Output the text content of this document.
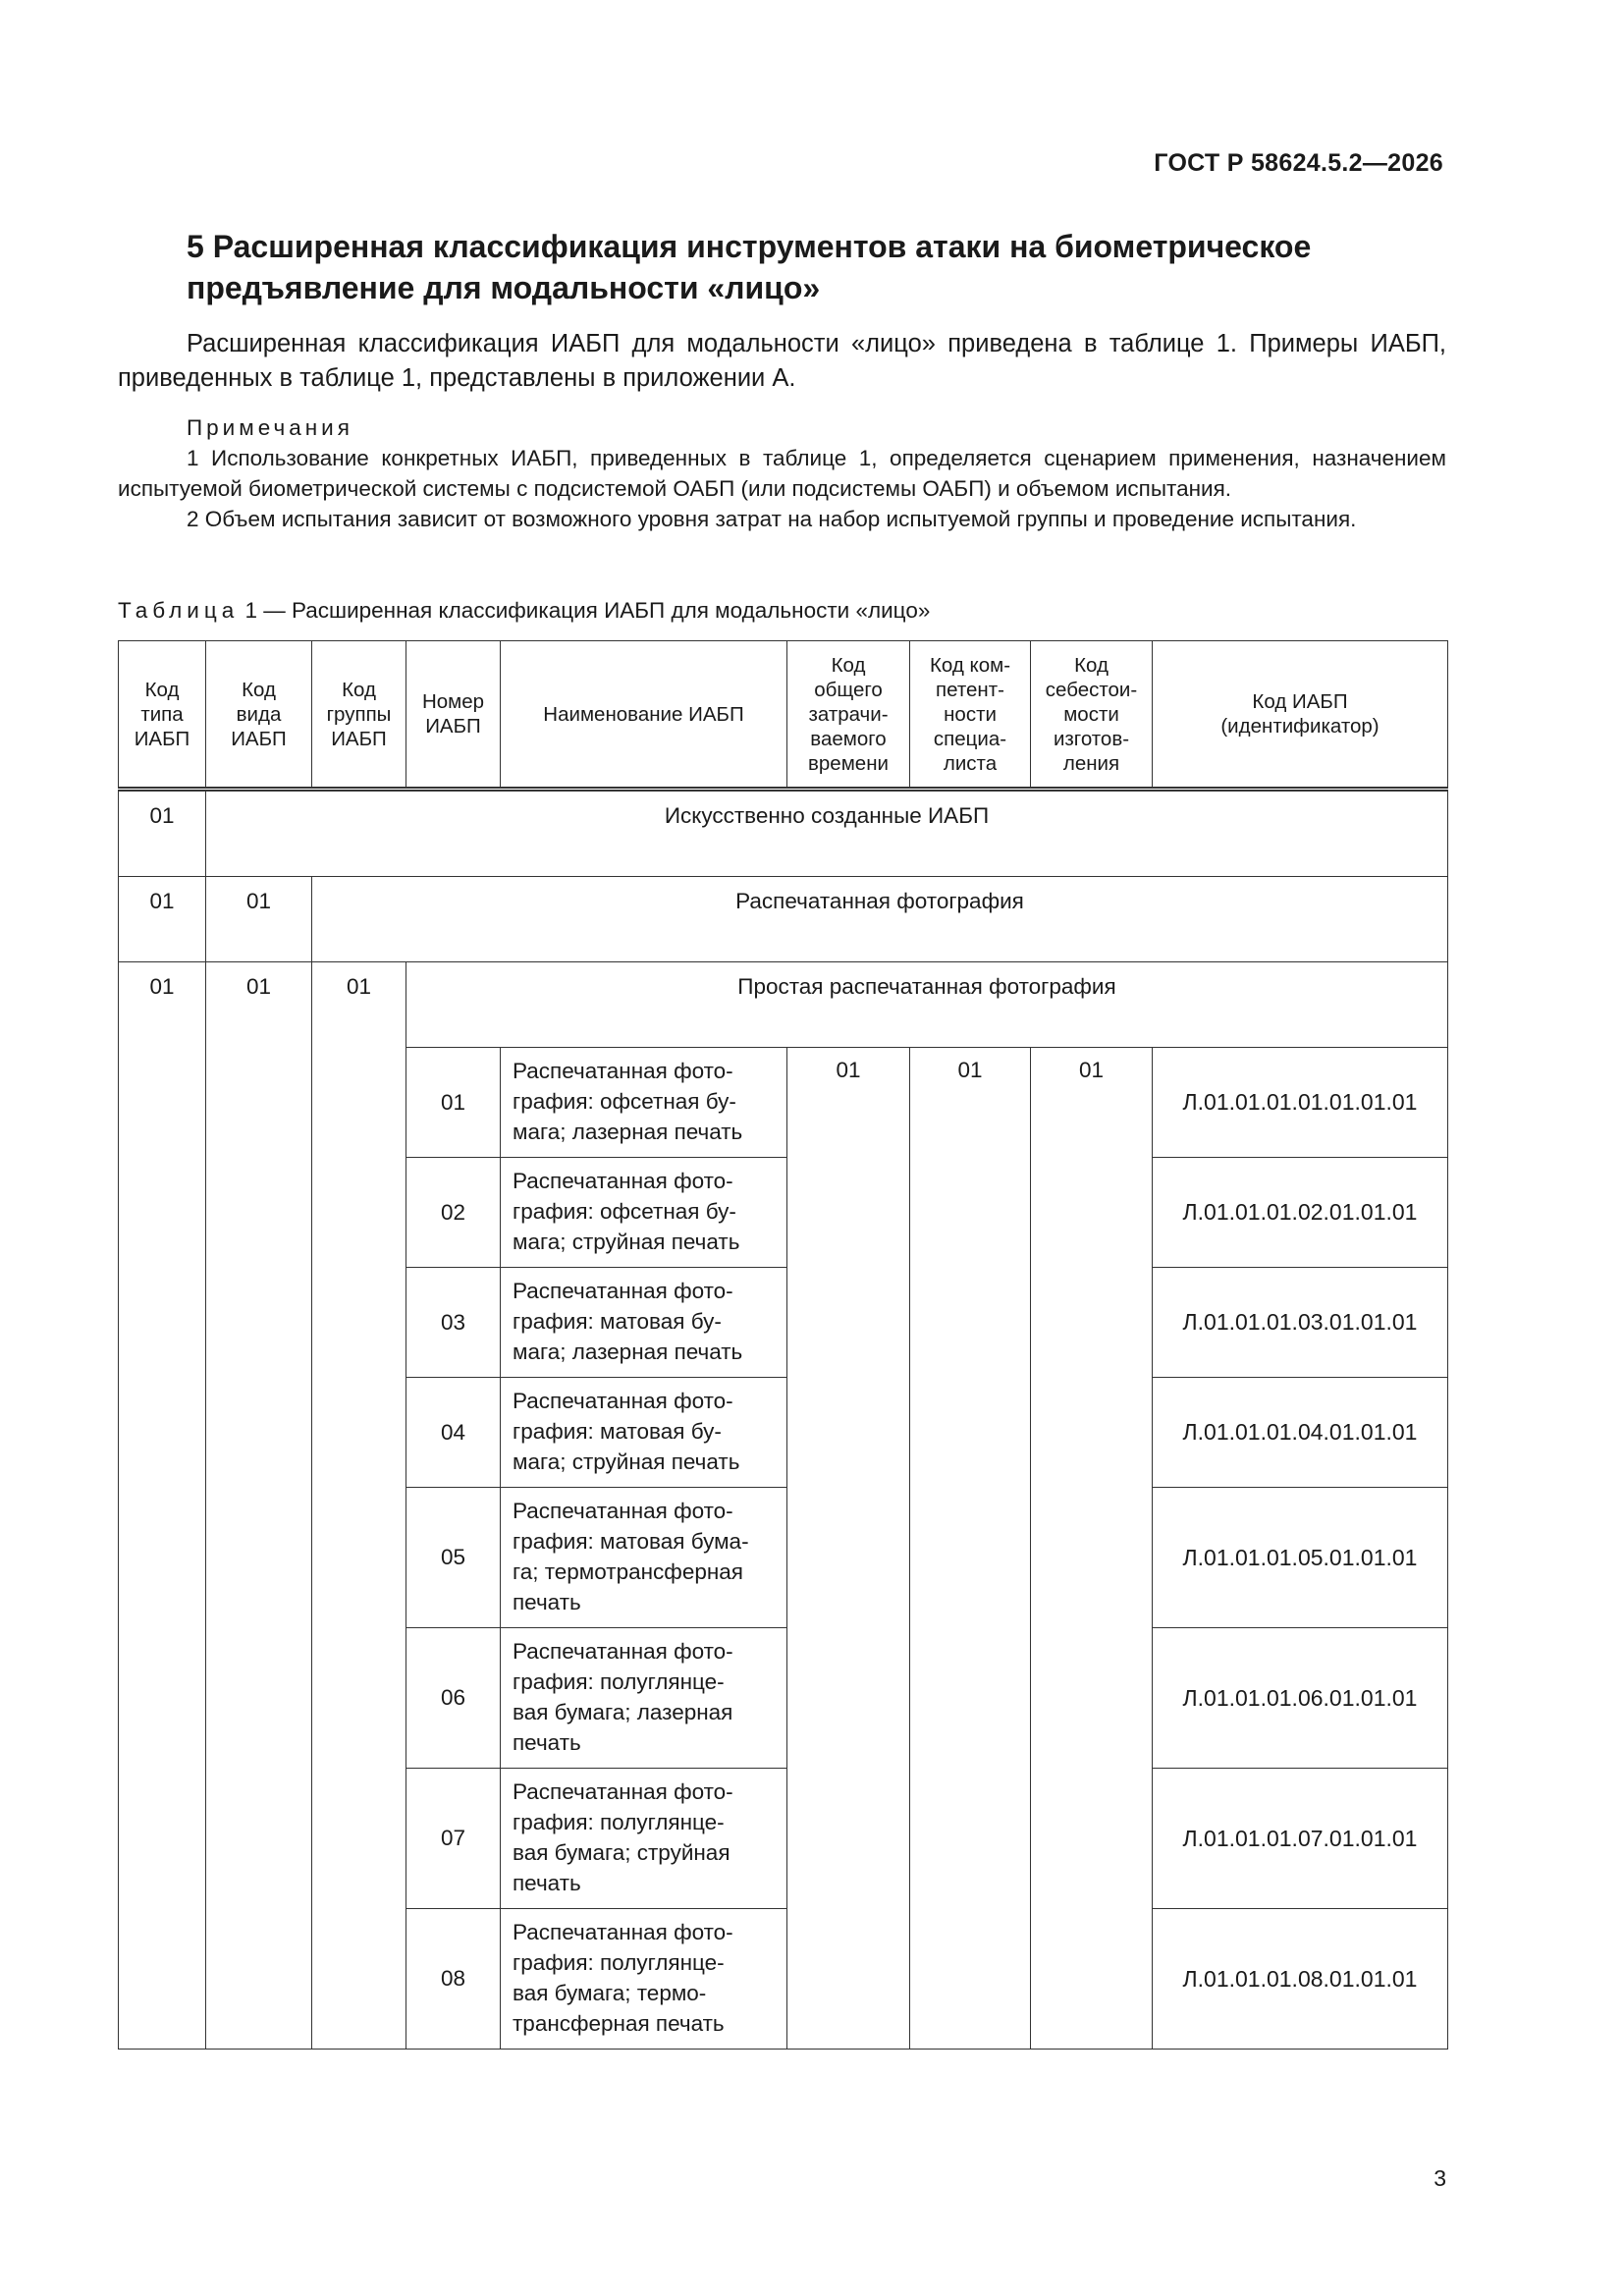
ГОСТ Р 58624.5.2—2026
5 Расширенная классификация инструментов атаки на биометрическое предъявление для модальности «лицо»
Расширенная классификация ИАБП для модальности «лицо» приведена в таблице 1. Примеры ИАБП, приведенных в таблице 1, представлены в приложении А.
Примечания

1 Использование конкретных ИАБП, приведенных в таблице 1, определяется сценарием применения, назначением испытуемой биометрической системы с подсистемой ОАБП (или подсистемы ОАБП) и объемом испытания.

2 Объем испытания зависит от возможного уровня затрат на набор испытуемой группы и проведение испытания.

Таблица 1 — Расширенная классификация ИАБП для модальности «лицо»
Код
типа
ИАБП	Код
вида
ИАБП	Код
группы
ИАБП	Номер
ИАБП	Наименование ИАБП	Код
общего
затрачи-
ваемого
времени	Код ком-
петент-
ности
специа-
листа	Код
себестои-
мости
изготов-
ления	Код ИАБП
(идентификатор)

01	Искусственно созданные ИАБП							

01	01	Распечатанная фотография						

01	01	01	Простая распечатанная фотография					

			01	Распечатанная фото-
графия: офсетная бу-
мага; лазерная печать	01	01	01	Л.01.01.01.01.01.01.01
			02	Распечатанная фото-
графия: офсетная бу-
мага; струйная печать				Л.01.01.01.02.01.01.01
			03	Распечатанная фото-
графия: матовая бу-
мага; лазерная печать				Л.01.01.01.03.01.01.01
			04	Распечатанная фото-
графия: матовая бу-
мага; струйная печать				Л.01.01.01.04.01.01.01
			05	Распечатанная фото-
графия: матовая бума-
га; термотрансферная
печать				Л.01.01.01.05.01.01.01
			06	Распечатанная фото-
графия: полуглянце-
вая бумага; лазерная
печать				Л.01.01.01.06.01.01.01
			07	Распечатанная фото-
графия: полуглянце-
вая бумага; струйная
печать				Л.01.01.01.07.01.01.01
			08	Распечатанная фото-
графия: полуглянце-
вая бумага; термо-
трансферная печать				Л.01.01.01.08.01.01.01
3
